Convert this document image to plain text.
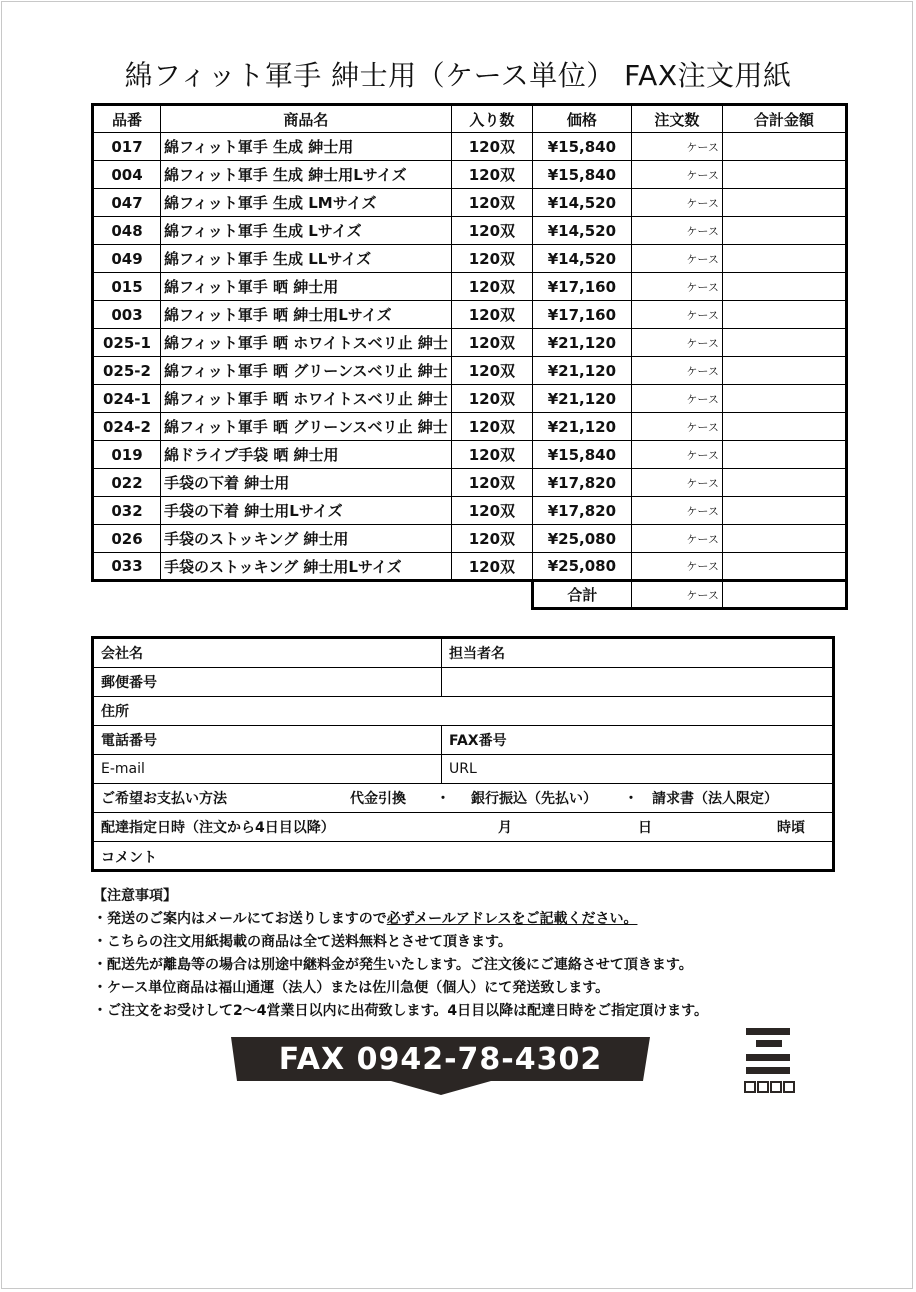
綿フィット軍手 紳士用（ケース単位） FAX注文用紙
品番	商品名	入り数	価格	注文数	合計金額
017	綿フィット軍手 生成 紳士用	120双	¥15,840	ケース	
004	綿フィット軍手 生成 紳士用Lサイズ	120双	¥15,840	ケース	
047	綿フィット軍手 生成 LMサイズ	120双	¥14,520	ケース	
048	綿フィット軍手 生成 Lサイズ	120双	¥14,520	ケース	
049	綿フィット軍手 生成 LLサイズ	120双	¥14,520	ケース	
015	綿フィット軍手 晒 紳士用	120双	¥17,160	ケース	
003	綿フィット軍手 晒 紳士用Lサイズ	120双	¥17,160	ケース	
025-1	綿フィット軍手 晒 ホワイトスベリ止 紳士	120双	¥21,120	ケース	
025-2	綿フィット軍手 晒 グリーンスベリ止 紳士	120双	¥21,120	ケース	
024-1	綿フィット軍手 晒 ホワイトスベリ止 紳士	120双	¥21,120	ケース	
024-2	綿フィット軍手 晒 グリーンスベリ止 紳士	120双	¥21,120	ケース	
019	綿ドライブ手袋 晒 紳士用	120双	¥15,840	ケース	
022	手袋の下着 紳士用	120双	¥17,820	ケース	
032	手袋の下着 紳士用Lサイズ	120双	¥17,820	ケース	
026	手袋のストッキング 紳士用	120双	¥25,080	ケース	
033	手袋のストッキング 紳士用Lサイズ	120双	¥25,080	ケース	
			合計	ケース	
会社名	担当者名
郵便番号
住所
電話番号	FAX番号
E-mail	URL
ご希望お支払い方法	代金引換 ・ 銀行振込（先払い） ・ 請求書（法人限定）
配達指定日時（注文から4日目以降）	月	日	時頃
コメント
【注意事項】
・発送のご案内はメールにてお送りしますので必ずメールアドレスをご記載ください。
・こちらの注文用紙掲載の商品は全て送料無料とさせて頂きます。
・配送先が離島等の場合は別途中継料金が発生いたします。ご注文後にご連絡させて頂きます。
・ケース単位商品は福山通運（法人）または佐川急便（個人）にて発送致します。
・ご注文をお受けして2～4営業日以内に出荷致します。4日目以降は配達日時をご指定頂けます。
FAX 0942-78-4302
